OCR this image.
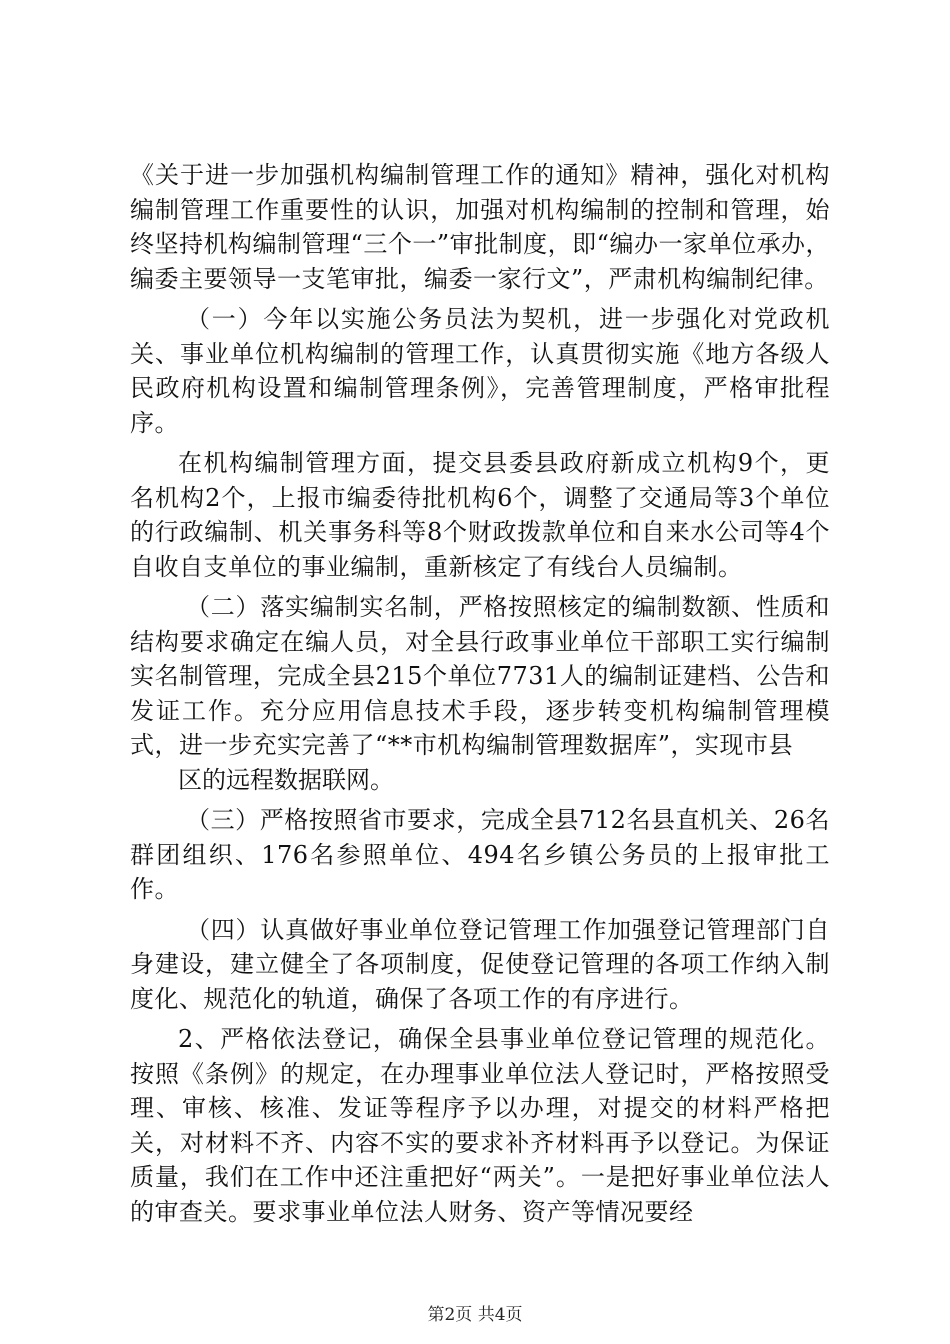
《关于进一步加强机构编制管理工作的通知》精神，强化对机构编制管理工作重要性的认识，加强对机构编制的控制和管理，始终坚持机构编制管理“三个一”审批制度，即“编办一家单位承办，编委主要领导一支笔审批，编委一家行文”，严肃机构编制纪律。

（一）今年以实施公务员法为契机，进一步强化对党政机关、事业单位机构编制的管理工作，认真贯彻实施《地方各级人民政府机构设置和编制管理条例》，完善管理制度，严格审批程序。

在机构编制管理方面，提交县委县政府新成立机构9个，更名机构2个，上报市编委待批机构6个，调整了交通局等3个单位的行政编制、机关事务科等8个财政拨款单位和自来水公司等4个自收自支单位的事业编制，重新核定了有线台人员编制。

（二）落实编制实名制，严格按照核定的编制数额、性质和结构要求确定在编人员，对全县行政事业单位干部职工实行编制实名制管理，完成全县215个单位7731人的编制证建档、公告和发证工作。充分应用信息技术手段，逐步转变机构编制管理模式，进一步充实完善了“**市机构编制管理数据库”，实现市县

区的远程数据联网。

（三）严格按照省市要求，完成全县712名县直机关、26名群团组织、176名参照单位、494名乡镇公务员的上报审批工作。

（四）认真做好事业单位登记管理工作加强登记管理部门自身建设，建立健全了各项制度，促使登记管理的各项工作纳入制度化、规范化的轨道，确保了各项工作的有序进行。

2、严格依法登记，确保全县事业单位登记管理的规范化。按照《条例》的规定，在办理事业单位法人登记时，严格按照受理、审核、核准、发证等程序予以办理，对提交的材料严格把关，对材料不齐、内容不实的要求补齐材料再予以登记。为保证质量，我们在工作中还注重把好“两关”。一是把好事业单位法人的审查关。要求事业单位法人财务、资产等情况要经

第2页 共4页
